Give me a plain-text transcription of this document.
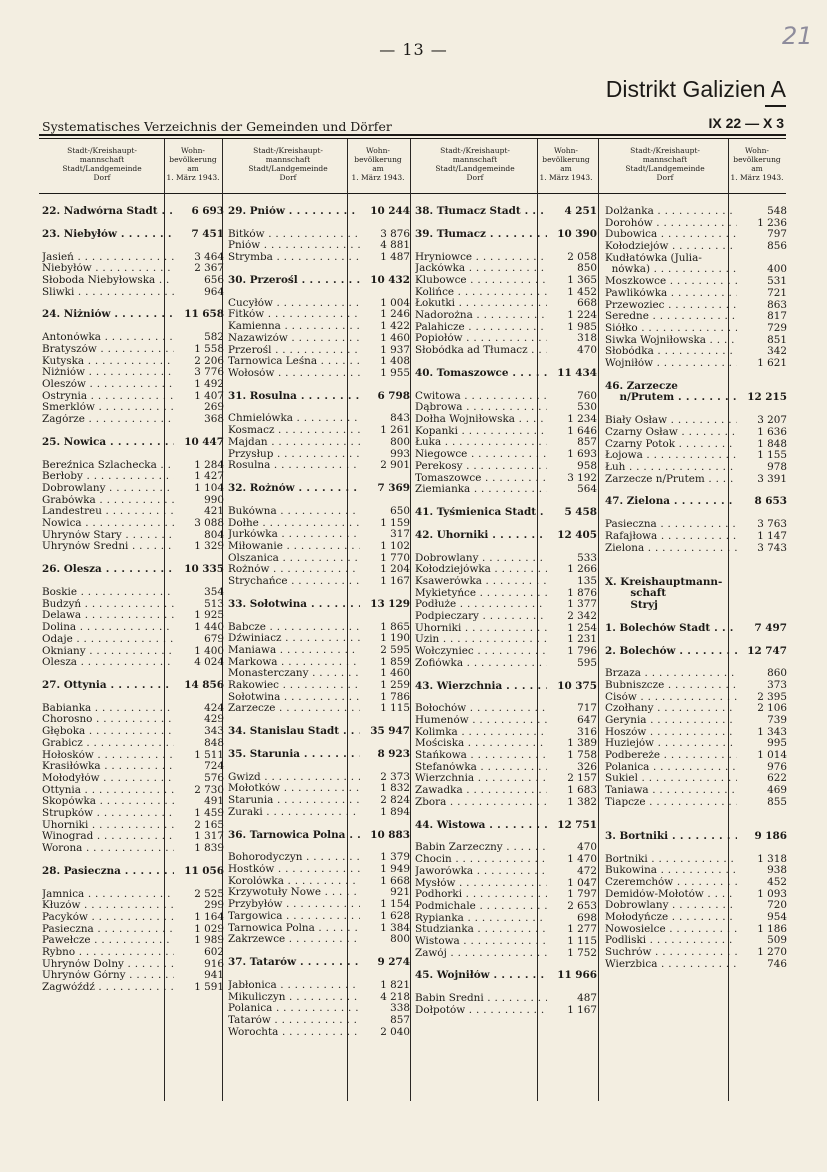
— 13 —	21
Distrikt Galizien A
Systematisches Verzeichnis der Gemeinden und Dörfer	IX 22 — X 3
Stadt-/Kreishaupt-
mannschaft
Stadt/Landgemeinde
Dorf
Wohn-
bevölkerung
am
1. März 1943.
Stadt-/Kreishaupt-
mannschaft
Stadt/Landgemeinde
Dorf
Wohn-
bevölkerung
am
1. März 1943.
Stadt-/Kreishaupt-
mannschaft
Stadt/Landgemeinde
Dorf
Wohn-
bevölkerung
am
1. März 1943.
Stadt-/Kreishaupt-
mannschaft
Stadt/Landgemeinde
Dorf
Wohn-
bevölkerung
am
1. März 1943.
22. Nadwórna Stadt . . .	6 693
23. Niebyłów . . .	7 451
Jasień . . .	3 464
Niebyłów . . .	2 367
Słoboda Niebyłowska . . .	656
Śliwki . . .	964
24. Niżniów . . .	11 658
Antonówka . . .	582
Bratyszów . . .	1 558
Kutyska . . .	2 206
Niżniów . . .	3 776
Oleszów . . .	1 492
Ostrynia . . .	1 407
Smerklów . . .	269
Zagórze . . .	368
25. Nowica . . .	10 447
Bereźnica Szlachecka . . .	1 284
Berłoby . . .	1 427
Dobrowlany . . .	1 104
Grabówka . . .	990
Landestreu . . .	421
Nowica . . .	3 088
Uhrynów Stary . . .	804
Uhrynów Średni . . .	1 329
26. Olesza . . .	10 335
Boskie . . .	354
Budzyń . . .	513
Delawa . . .	1 925
Dolina . . .	1 440
Odaje . . .	679
Okniany . . .	1 400
Olesza . . .	4 024
27. Ottynia . . .	14 856
Babianka . . .	424
Chorosno . . .	429
Głęboka . . .	343
Grabicz . . .	848
Hołosków . . .	1 511
Krasiłówka . . .	724
Mołodyłów . . .	576
Ottynia . . .	2 730
Skopówka . . .	491
Strupków . . .	1 459
Uhorniki . . .	2 165
Winograd . . .	1 317
Worona . . .	1 839
28. Pasieczna . . .	11 056
Jamnica . . .	2 525
Kłuzów . . .	299
Pacyków . . .	1 164
Pasieczna . . .	1 029
Pawełcze . . .	1 989
Rybno . . .	602
Uhrynów Dolny . . .	916
Uhrynów Górny . . .	941
Zagwóźdź . . .	1 591
29. Pniów . . .	10 244
Bitków . . .	3 876
Pniów . . .	4 881
Strymba . . .	1 487
30. Przerośl . . .	10 432
Cucyłów . . .	1 004
Fitków . . .	1 246
Kamienna . . .	1 422
Nazawizów . . .	1 460
Przerośl . . .	1 937
Tarnowica Leśna . . .	1 408
Wołosów . . .	1 955
31. Rosulna . . .	6 798
Chmielówka . . .	843
Kosmacz . . .	1 261
Majdan . . .	800
Przysłup . . .	993
Rosulna . . .	2 901
32. Rożnów . . .	7 369
Bukówna . . .	650
Dołhe . . .	1 159
Jurkówka . . .	317
Miłowanie . . .	1 102
Olszanica . . .	1 770
Rożnów . . .	1 204
Strychańce . . .	1 167
33. Sołotwina . . .	13 129
Babcze . . .	1 865
Dźwiniacz . . .	1 190
Maniawa . . .	2 595
Markowa . . .	1 859
Monasterczany . . .	1 460
Rakowiec . . .	1 259
Sołotwina . . .	1 786
Zarzecze . . .	1 115
34. Stanislau Stadt . . .	35 947
35. Starunia . . .	8 923
Gwizd . . .	2 373
Mołotków . . .	1 832
Starunia . . .	2 824
Żuraki . . .	1 894
36. Tarnowica Polna . . .	10 883
Bohorodyczyn . . .	1 379
Hostków . . .	1 949
Korolówka . . .	1 668
Krzywotuły Nowe . . .	921
Przybyłów . . .	1 154
Targowica . . .	1 628
Tarnowica Polna . . .	1 384
Zakrzewce . . .	800
37. Tatarów . . .	9 274
Jabłonica . . .	1 821
Mikuliczyn . . .	4 218
Polanica . . .	338
Tatarów . . .	857
Worochta . . .	2 040
38. Tłumacz Stadt . . .	4 251
39. Tłumacz . . .	10 390
Hryniowce . . .	2 058
Jackówka . . .	850
Klubowce . . .	1 365
Kolińce . . .	1 452
Łokutki . . .	668
Nadorożna . . .	1 224
Palahicze . . .	1 985
Popiołów . . .	318
Słobódka ad Tłumacz . . .	470
40. Tomaszowce . . .	11 434
Cwitowa . . .	760
Dąbrowa . . .	530
Dołha Wojniłowska . . .	1 234
Kopanki . . .	1 646
Łuka . . .	857
Niegowce . . .	1 693
Perekosy . . .	958
Tomaszowce . . .	3 192
Ziemianka . . .	564
41. Tyśmienica Stadt . . .	5 458
42. Uhorniki . . .	12 405
Dobrowlany . . .	533
Kołodziejówka . . .	1 266
Ksawerówka . . .	135
Mykietyńce . . .	1 876
Podłuże . . .	1 377
Podpieczary . . .	2 342
Uhorniki . . .	1 254
Uzin . . .	1 231
Wołczyniec . . .	1 796
Zofiówka . . .	595
43. Wierzchnia . . .	10 375
Bołochów . . .	717
Humenów . . .	647
Kolimka . . .	316
Mościska . . .	1 389
Stańkowa . . .	1 758
Stefanówka . . .	326
Wierzchnia . . .	2 157
Zawadka . . .	1 683
Zbora . . .	1 382
44. Wistowa . . .	12 751
Babin Zarzeczny . . .	470
Chocin . . .	1 470
Jaworówka . . .	472
Mysłów . . .	1 047
Podhorki . . .	1 797
Podmichale . . .	2 653
Rypianka . . .	698
Studzianka . . .	1 277
Wistowa . . .	1 115
Zawój . . .	1 752
45. Wojniłów . . .	11 966
Babin Średni . . .	487
Dołpotów . . .	1 167
Dolżanka . . .	548
Dorohów . . .	1 236
Dubowica . . .	797
Kołodziejów . . .	856
Kudłatówka (Julia-
nówka) . . .	400
Moszkowce . . .	531
Pawlikówka . . .	721
Przewoziec . . .	863
Seredne . . .	817
Siółko . . .	729
Siwka Wojniłowska . . .	851
Słobódka . . .	342
Wojniłów . . .	1 621
46. Zarzecze
n/Prutem . . .	12 215
Biały Osław . . .	3 207
Czarny Osław . . .	1 636
Czarny Potok . . .	1 848
Łojowa . . .	1 155
Łuh . . .	978
Zarzecze n/Prutem . . .	3 391
47. Zielona . . .	8 653
Pasieczna . . .	3 763
Rafajłowa . . .	1 147
Zielona . . .	3 743
X. Kreishauptmann-
schaft
Stryj
1. Bolechów Stadt . . .	7 497
2. Bolechów . . .	12 747
Brzaza . . .	860
Bubniszcze . . .	373
Cisów . . .	2 395
Czołhany . . .	2 106
Gerynia . . .	739
Hoszów . . .	1 343
Huziejów . . .	995
Podbereże . . .	1 014
Polanica . . .	976
Sukiel . . .	622
Taniawa . . .	469
Tiapcze . . .	855
3. Bortniki . . .	9 186
Bortniki . . .	1 318
Bukowina . . .	938
Czeremchów . . .	452
Demidów-Mołotów . . .	1 093
Dobrowlany . . .	720
Mołodyńcze . . .	954
Nowosielce . . .	1 186
Podliski . . .	509
Suchrów . . .	1 270
Wierzbica . . .	746
